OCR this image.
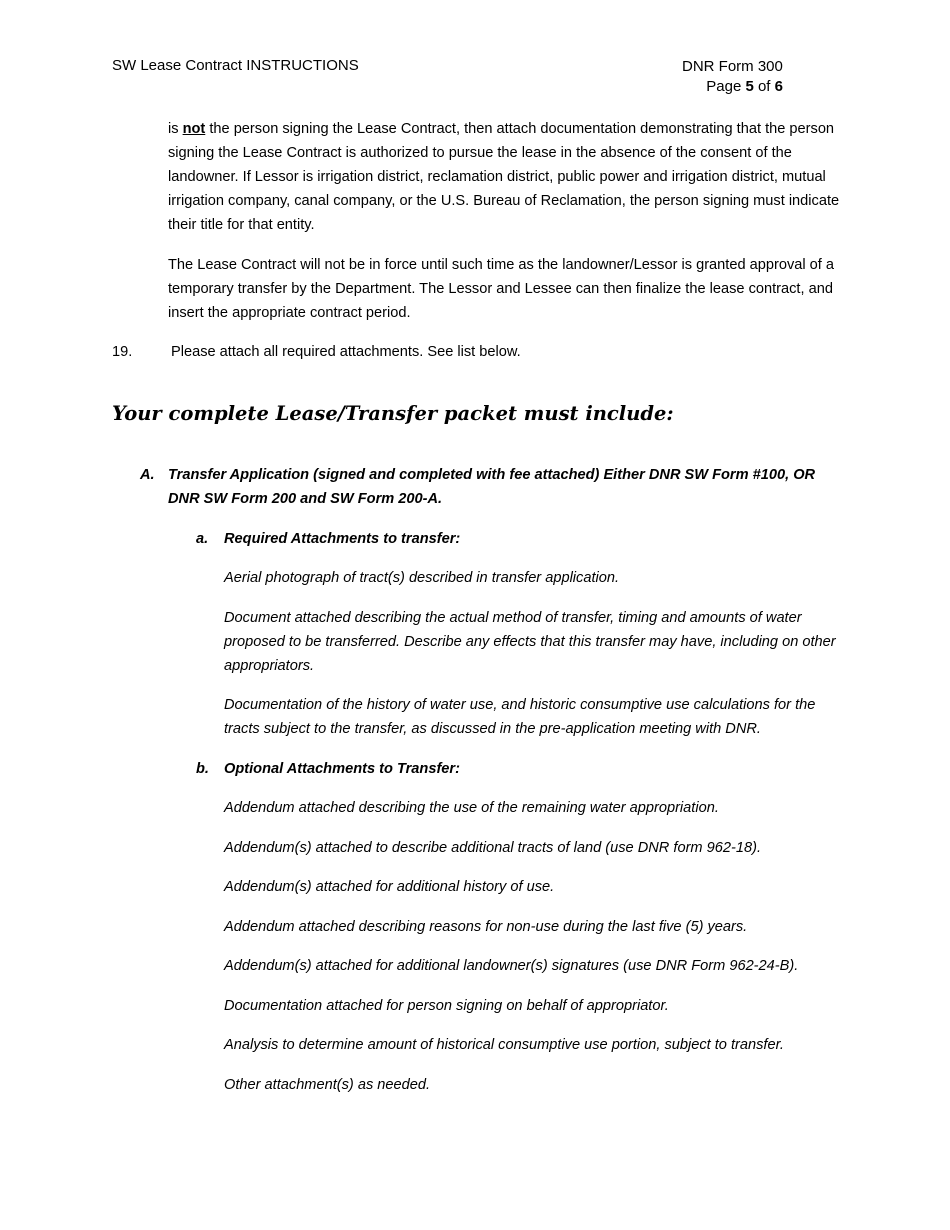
SW Lease Contract INSTRUCTIONS	DNR Form 300
Page 5 of 6
is not the person signing the Lease Contract, then attach documentation demonstrating that the person signing the Lease Contract is authorized to pursue the lease in the absence of the consent of the landowner. If Lessor is irrigation district, reclamation district, public power and irrigation district, mutual irrigation company, canal company, or the U.S. Bureau of Reclamation, the person signing must indicate their title for that entity.
The Lease Contract will not be in force until such time as the landowner/Lessor is granted approval of a temporary transfer by the Department. The Lessor and Lessee can then finalize the lease contract, and insert the appropriate contract period.
19.	Please attach all required attachments. See list below.
Your complete Lease/Transfer packet must include:
A. Transfer Application (signed and completed with fee attached) Either DNR SW Form #100, OR DNR SW Form 200 and SW Form 200-A.
a. Required Attachments to transfer:
Aerial photograph of tract(s) described in transfer application.
Document attached describing the actual method of transfer, timing and amounts of water proposed to be transferred. Describe any effects that this transfer may have, including on other appropriators.
Documentation of the history of water use, and historic consumptive use calculations for the tracts subject to the transfer, as discussed in the pre-application meeting with DNR.
b. Optional Attachments to Transfer:
Addendum attached describing the use of the remaining water appropriation.
Addendum(s) attached to describe additional tracts of land (use DNR form 962-18).
Addendum(s) attached for additional history of use.
Addendum attached describing reasons for non-use during the last five (5) years.
Addendum(s) attached for additional landowner(s) signatures (use DNR Form 962-24-B).
Documentation attached for person signing on behalf of appropriator.
Analysis to determine amount of historical consumptive use portion, subject to transfer.
Other attachment(s) as needed.
